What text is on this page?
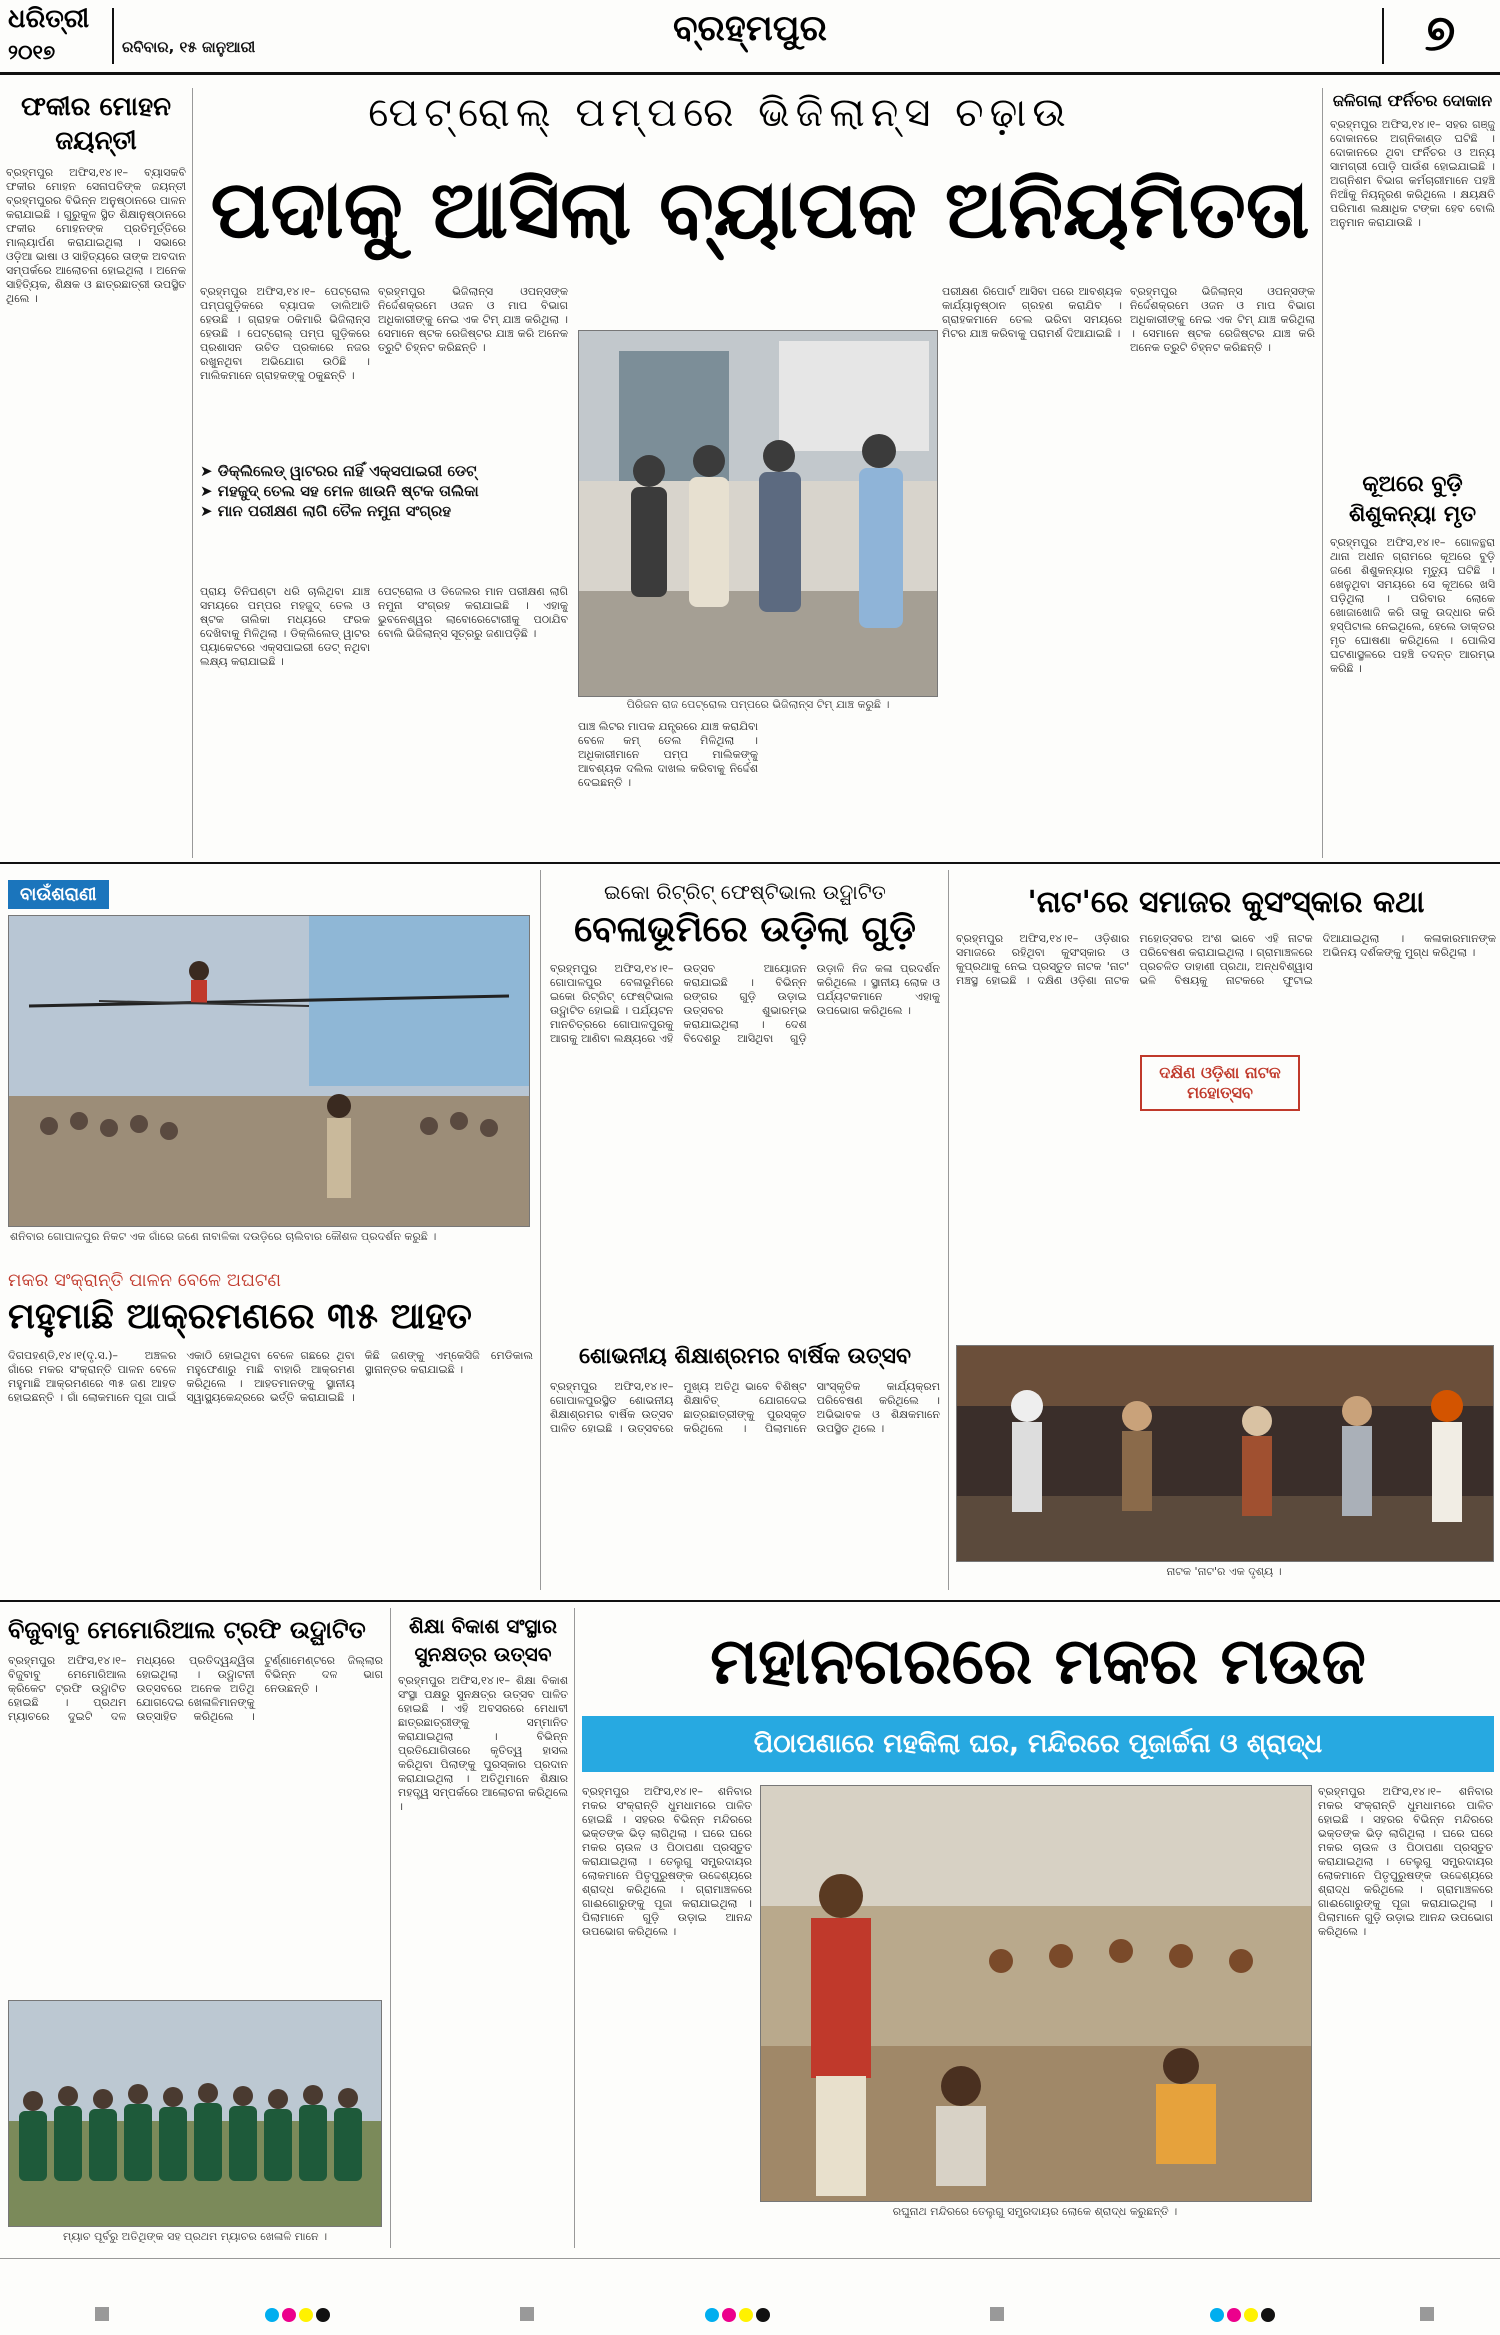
ଧରିତ୍ରୀ
୨୦୧୭	ରବିବାର, ୧୫ ଜାନୁଆରୀ	ବ୍ରହ୍ମପୁର	୭
ଫକୀର ମୋହନ ଜୟନ୍ତୀ
ବ୍ରହ୍ମପୁର ଅଫିସ,୧୪।୧– ବ୍ୟାସକବି ଫକୀର ମୋହନ ସେନାପତିଙ୍କ ଜୟନ୍ତୀ ବ୍ରହ୍ମପୁରର ବିଭିନ୍ନ ଅନୁଷ୍ଠାନରେ ପାଳନ କରାଯାଇଛି । ଗୁରୁକୁଳ ସ୍ଥିତ ଶିକ୍ଷାନୁଷ୍ଠାନରେ ଫକୀର ମୋହନଙ୍କ ପ୍ରତିମୂର୍ତ୍ତିରେ ମାଲ୍ୟାର୍ପଣ କରାଯାଇଥିଲା । ସଭାରେ ଓଡ଼ିଆ ଭାଷା ଓ ସାହିତ୍ୟରେ ତାଙ୍କ ଅବଦାନ ସମ୍ପର୍କରେ ଆଲୋଚନା ହୋଇଥିଲା । ଅନେକ ସାହିତ୍ୟିକ, ଶିକ୍ଷକ ଓ ଛାତ୍ରଛାତ୍ରୀ ଉପସ୍ଥିତ ଥିଲେ ।
ପେଟ୍ରୋଲ୍ ପମ୍ପରେ ଭିଜିଲାନ୍ସ ଚଢ଼ାଉ
ପଦାକୁ ଆସିଲା ବ୍ୟାପକ ଅନିୟମିତତା
ବ୍ରହ୍ମପୁର ଅଫିସ,୧୪।୧– ପେଟ୍ରୋଲ ପମ୍ପଗୁଡ଼ିକରେ ବ୍ୟାପକ ଡାଲିଆଡି ହେଉଛି । ଗ୍ରାହକ ଠକିମାରି ଭିଜିଲାନ୍ସ ହେଉଛି । ପେଟ୍ରୋଲ୍ ପମ୍ପ ଗୁଡ଼ିକରେ ପ୍ରଶାସନ ଉଚିତ ପ୍ରକାରେ ନଜର ରଖୁନଥିବା ଅଭିଯୋଗ ଉଠିଛି । ମାଲିକମାନେ ଗ୍ରାହକଙ୍କୁ ଠକୁଛନ୍ତି ।
ବ୍ରହ୍ମପୁର ଭିଜିଲାନ୍ସ ଓପନ୍ସଙ୍କ ନିର୍ଦ୍ଦେଶକ୍ରମେ ଓଜନ ଓ ମାପ ବିଭାଗ ଅଧିକାରୀଙ୍କୁ ନେଇ ଏକ ଟିମ୍ ଯାଞ୍ଚ କରିଥିଲା । ସେମାନେ ଷ୍ଟକ ରେଜିଷ୍ଟର ଯାଞ୍ଚ କରି ଅନେକ ତ୍ରୁଟି ଚିହ୍ନଟ କରିଛନ୍ତି ।
➤ ଡିକ୍ଲିଲେଡ୍ ୱାଟରର ନାହିଁ ଏକ୍ସପାଇରୀ ଡେଟ୍
➤ ମହଜୁଦ୍ ତେଲ ସହ ମେଳ ଖାଉନି ଷ୍ଟକ ତାଲିକା
➤ ମାନ ପରୀକ୍ଷଣ ଲାଗି ତୈଳ ନମୁନା ସଂଗ୍ରହ
ପ୍ରାୟ ତିନିଘଣ୍ଟା ଧରି ଚାଲିଥିବା ଯାଞ୍ଚ ସମୟରେ ପମ୍ପର ମହଜୁଦ୍ ତେଲ ଓ ଷ୍ଟକ ତାଲିକା ମଧ୍ୟରେ ଫରକ ଦେଖିବାକୁ ମିଳିଥିଲା । ଡିକ୍ଲିଲେଡ୍ ୱାଟର ପ୍ୟାକେଟରେ ଏକ୍ସପାଇରୀ ଡେଟ୍ ନଥିବା ଲକ୍ଷ୍ୟ କରାଯାଇଛି ।
ପେଟ୍ରୋଲ ଓ ଡିଜେଲର ମାନ ପରୀକ୍ଷଣ ଲାଗି ନମୁନା ସଂଗ୍ରହ କରାଯାଇଛି । ଏହାକୁ ଭୁବନେଶ୍ୱର ଲାବୋରେଟୋରୀକୁ ପଠାଯିବ ବୋଲି ଭିଜିଲାନ୍ସ ସୂତ୍ରରୁ ଜଣାପଡ଼ିଛି ।
ପିରିଜନ ରାଜ ପେଟ୍ରୋଲ ପମ୍ପରେ ଭିଜିଲାନ୍ସ ଟିମ୍ ଯାଞ୍ଚ କରୁଛି ।
ପାଞ୍ଚ ଲିଟର ମାପକ ଯନ୍ତ୍ରରେ ଯାଞ୍ଚ କରାଯିବା ବେଳେ କମ୍ ତେଲ ମିଳିଥିଲା । ଅଧିକାରୀମାନେ ପମ୍ପ ମାଲିକଙ୍କୁ ଆବଶ୍ୟକ ଦଲିଲ ଦାଖଲ କରିବାକୁ ନିର୍ଦ୍ଦେଶ ଦେଇଛନ୍ତି ।
ପରୀକ୍ଷଣ ରିପୋର୍ଟ ଆସିବା ପରେ ଆବଶ୍ୟକ କାର୍ଯ୍ୟାନୁଷ୍ଠାନ ଗ୍ରହଣ କରାଯିବ । ଗ୍ରାହକମାନେ ତେଲ ଭରିବା ସମୟରେ ମିଟର ଯାଞ୍ଚ କରିବାକୁ ପରାମର୍ଶ ଦିଆଯାଇଛି ।
ବ୍ରହ୍ମପୁର ଭିଜିଲାନ୍ସ ଓପନ୍ସଙ୍କ ନିର୍ଦ୍ଦେଶକ୍ରମେ ଓଜନ ଓ ମାପ ବିଭାଗ ଅଧିକାରୀଙ୍କୁ ନେଇ ଏକ ଟିମ୍ ଯାଞ୍ଚ କରିଥିଲା । ସେମାନେ ଷ୍ଟକ ରେଜିଷ୍ଟର ଯାଞ୍ଚ କରି ଅନେକ ତ୍ରୁଟି ଚିହ୍ନଟ କରିଛନ୍ତି ।
ଜଳିଗଲା ଫର୍ନିଚର ଦୋକାନ
ବ୍ରହ୍ମପୁର ଅଫିସ,୧୪।୧– ସହର ଗଞ୍ଜୁ ଦୋକାନରେ ଅଗ୍ନିକାଣ୍ଡ ଘଟିଛି । ଦୋକାନରେ ଥିବା ଫର୍ନିଚର ଓ ଅନ୍ୟ ସାମଗ୍ରୀ ପୋଡ଼ି ପାଉଁଶ ହୋଇଯାଇଛି । ଅଗ୍ନିଶମ ବିଭାଗ କର୍ମଚାରୀମାନେ ପହଞ୍ଚି ନିଆଁକୁ ନିୟନ୍ତ୍ରଣ କରିଥିଲେ । କ୍ଷୟକ୍ଷତି ପରିମାଣ ଲକ୍ଷାଧିକ ଟଙ୍କା ହେବ ବୋଲି ଅନୁମାନ କରାଯାଉଛି ।
କୂଅରେ ବୁଡ଼ି ଶିଶୁକନ୍ୟା ମୃତ
ବ୍ରହ୍ମପୁର ଅଫିସ,୧୪।୧– ଗୋଳନ୍ଥରା ଥାନା ଅଧୀନ ଗ୍ରାମରେ କୂଅରେ ବୁଡ଼ି ଜଣେ ଶିଶୁକନ୍ୟାର ମୃତ୍ୟୁ ଘଟିଛି । ଖେଳୁଥିବା ସମୟରେ ସେ କୂଅରେ ଖସି ପଡ଼ିଥିଲା । ପରିବାର ଲୋକେ ଖୋଜାଖୋଜି କରି ତାକୁ ଉଦ୍ଧାର କରି ହସ୍ପିଟାଲ ନେଇଥିଲେ, ହେଲେ ଡାକ୍ତର ମୃତ ଘୋଷଣା କରିଥିଲେ । ପୋଲିସ ଘଟଣାସ୍ଥଳରେ ପହଞ୍ଚି ତଦନ୍ତ ଆରମ୍ଭ କରିଛି ।
ବାଉଁଶରାଣୀ
ଶନିବାର ଗୋପାଳପୁର ନିକଟ ଏକ ଗାଁରେ ଜଣେ ନାବାଳିକା ଦଉଡ଼ିରେ ଚାଲିବାର କୌଶଳ ପ୍ରଦର୍ଶନ କରୁଛି ।
ଇକୋ ରିଟ୍ରିଟ୍ ଫେଷ୍ଟିଭାଲ ଉଦ୍ଘାଟିତ
ବେଳାଭୂମିରେ ଉଡ଼ିଲା ଗୁଡ଼ି
ବ୍ରହ୍ମପୁର ଅଫିସ,୧୪।୧– ଗୋପାଳପୁର ବେଳାଭୂମିରେ ଇକୋ ରିଟ୍ରିଟ୍ ଫେଷ୍ଟିଭାଲ ଉଦ୍ଘାଟିତ ହୋଇଛି । ପର୍ଯ୍ୟଟନ ମାନଚିତ୍ରରେ ଗୋପାଳପୁରକୁ ଆଗକୁ ଆଣିବା ଲକ୍ଷ୍ୟରେ ଏହି ଉତ୍ସବ ଆୟୋଜନ କରାଯାଇଛି । ବିଭିନ୍ନ ରଙ୍ଗର ଗୁଡ଼ି ଉଡ଼ାଇ ଉତ୍ସବର ଶୁଭାରମ୍ଭ କରାଯାଇଥିଲା । ଦେଶ ବିଦେଶରୁ ଆସିଥିବା ଗୁଡ଼ି ଉଡ଼ାଳି ନିଜ କଳା ପ୍ରଦର୍ଶନ କରିଥିଲେ । ସ୍ଥାନୀୟ ଲୋକ ଓ ପର୍ଯ୍ୟଟକମାନେ ଏହାକୁ ଉପଭୋଗ କରିଥିଲେ ।
'ନାଟ'ରେ ସମାଜର କୁସଂସ୍କାର କଥା
ବ୍ରହ୍ମପୁର ଅଫିସ,୧୪।୧– ଓଡ଼ିଶାର ସମାଜରେ ରହିଥିବା କୁସଂସ୍କାର ଓ କୁପ୍ରଥାକୁ ନେଇ ପ୍ରସ୍ତୁତ ନାଟକ 'ନାଟ' ମଞ୍ଚସ୍ଥ ହୋଇଛି । ଦକ୍ଷିଣ ଓଡ଼ିଶା ନାଟକ ମହୋତ୍ସବର ଅଂଶ ଭାବେ ଏହି ନାଟକ ପରିବେଷଣ କରାଯାଇଥିଲା । ଗ୍ରାମାଞ୍ଚଳରେ ପ୍ରଚଳିତ ଡାହାଣୀ ପ୍ରଥା, ଅନ୍ଧବିଶ୍ୱାସ ଭଳି ବିଷୟକୁ ନାଟକରେ ଫୁଟାଇ ଦିଆଯାଇଥିଲା । କଳାକାରମାନଙ୍କ ଅଭିନୟ ଦର୍ଶକଙ୍କୁ ମୁଗ୍ଧ କରିଥିଲା ।
ଦକ୍ଷିଣ ଓଡ଼ିଶା ନାଟକ ମହୋତ୍ସବ
ମକର ସଂକ୍ରାନ୍ତି ପାଳନ ବେଳେ ଅଘଟଣ
ମହୁମାଛି ଆକ୍ରମଣରେ ୩୫ ଆହତ
ଦିଗପହଣ୍ଡି,୧୪।୧(ଦୃ.ସ.)– ଅଞ୍ଚଳର ଗାଁରେ ମକର ସଂକ୍ରାନ୍ତି ପାଳନ ବେଳେ ମହୁମାଛି ଆକ୍ରମଣରେ ୩୫ ଜଣ ଆହତ ହୋଇଛନ୍ତି । ଗାଁ ଲୋକମାନେ ପୂଜା ପାଇଁ ଏକାଠି ହୋଇଥିବା ବେଳେ ଗଛରେ ଥିବା ମହୁଫେଣାରୁ ମାଛି ବାହାରି ଆକ୍ରମଣ କରିଥିଲେ । ଆହତମାନଙ୍କୁ ସ୍ଥାନୀୟ ସ୍ୱାସ୍ଥ୍ୟକେନ୍ଦ୍ରରେ ଭର୍ତ୍ତି କରାଯାଇଛି । କିଛି ଜଣଙ୍କୁ ଏମ୍‌କେସିଜି ମେଡିକାଲ ସ୍ଥାନାନ୍ତର କରାଯାଇଛି ।
ଶୋଭନୀୟ ଶିକ୍ଷାଶ୍ରମର ବାର୍ଷିକ ଉତ୍ସବ
ବ୍ରହ୍ମପୁର ଅଫିସ,୧୪।୧– ଗୋପାଳପୁରସ୍ଥିତ ଶୋଭନୀୟ ଶିକ୍ଷାଶ୍ରମର ବାର୍ଷିକ ଉତ୍ସବ ପାଳିତ ହୋଇଛି । ଉତ୍ସବରେ ମୁଖ୍ୟ ଅତିଥି ଭାବେ ବିଶିଷ୍ଟ ଶିକ୍ଷାବିତ୍ ଯୋଗଦେଇ ଛାତ୍ରଛାତ୍ରୀଙ୍କୁ ପୁରସ୍କୃତ କରିଥିଲେ । ପିଲାମାନେ ସାଂସ୍କୃତିକ କାର୍ଯ୍ୟକ୍ରମ ପରିବେଷଣ କରିଥିଲେ । ଅଭିଭାବକ ଓ ଶିକ୍ଷକମାନେ ଉପସ୍ଥିତ ଥିଲେ ।
ନାଟକ 'ନାଟ'ର ଏକ ଦୃଶ୍ୟ ।
ବିଜୁବାବୁ ମେମୋରିଆଲ ଟ୍ରଫି ଉଦ୍ଘାଟିତ
ବ୍ରହ୍ମପୁର ଅଫିସ,୧୪।୧– ବିଜୁବାବୁ ମେମୋରିଆଲ କ୍ରିକେଟ ଟ୍ରଫି ଉଦ୍ଘାଟିତ ହୋଇଛି । ପ୍ରଥମ ମ୍ୟାଚରେ ଦୁଇଟି ଦଳ ମଧ୍ୟରେ ପ୍ରତିଦ୍ୱନ୍ଦ୍ୱିତା ହୋଇଥିଲା । ଉଦ୍ଘାଟନୀ ଉତ୍ସବରେ ଅନେକ ଅତିଥି ଯୋଗଦେଇ ଖେଳାଳିମାନଙ୍କୁ ଉତ୍ସାହିତ କରିଥିଲେ । ଟୁର୍ଣ୍ଣାମେଣ୍ଟରେ ଜିଲ୍ଲାର ବିଭିନ୍ନ ଦଳ ଭାଗ ନେଉଛନ୍ତି ।
ମ୍ୟାଚ ପୂର୍ବରୁ ଅତିଥିଙ୍କ ସହ ପ୍ରଥମ ମ୍ୟାଚର ଖେଳାଳି ମାନେ ।
ଶିକ୍ଷା ବିକାଶ ସଂସ୍ଥାର ସୁନକ୍ଷତ୍ର ଉତ୍ସବ
ବ୍ରହ୍ମପୁର ଅଫିସ,୧୪।୧– ଶିକ୍ଷା ବିକାଶ ସଂସ୍ଥା ପକ୍ଷରୁ ସୁନକ୍ଷତ୍ର ଉତ୍ସବ ପାଳିତ ହୋଇଛି । ଏହି ଅବସରରେ ମେଧାବୀ ଛାତ୍ରଛାତ୍ରୀଙ୍କୁ ସମ୍ମାନିତ କରାଯାଇଥିଲା । ବିଭିନ୍ନ ପ୍ରତିଯୋଗିତାରେ କୃତିତ୍ୱ ହାସଲ କରିଥିବା ପିଲାଙ୍କୁ ପୁରସ୍କାର ପ୍ରଦାନ କରାଯାଇଥିଲା । ଅତିଥିମାନେ ଶିକ୍ଷାର ମହତ୍ତ୍ୱ ସମ୍ପର୍କରେ ଆଲୋଚନା କରିଥିଲେ ।
ମହାନଗରରେ ମକର ମଉଜ
ପିଠାପଣାରେ ମହକିଲା ଘର, ମନ୍ଦିରରେ ପୂଜାର୍ଚ୍ଚନା ଓ ଶ୍ରାଦ୍ଧ
ବ୍ରହ୍ମପୁର ଅଫିସ,୧୪।୧– ଶନିବାର ମକର ସଂକ୍ରାନ୍ତି ଧୁମଧାମରେ ପାଳିତ ହୋଇଛି । ସହରର ବିଭିନ୍ନ ମନ୍ଦିରରେ ଭକ୍ତଙ୍କ ଭିଡ଼ ଲାଗିଥିଲା । ଘରେ ଘରେ ମକର ଚାଉଳ ଓ ପିଠାପଣା ପ୍ରସ୍ତୁତ କରାଯାଇଥିଲା । ତେଲୁଗୁ ସମ୍ପ୍ରଦାୟର ଲୋକମାନେ ପିତୃପୁରୁଷଙ୍କ ଉଦ୍ଦେଶ୍ୟରେ ଶ୍ରାଦ୍ଧ କରିଥିଲେ । ଗ୍ରାମାଞ୍ଚଳରେ ଗାଈଗୋରୁଙ୍କୁ ପୂଜା କରାଯାଇଥିଲା । ପିଲାମାନେ ଗୁଡ଼ି ଉଡ଼ାଇ ଆନନ୍ଦ ଉପଭୋଗ କରିଥିଲେ ।
ରଘୁନାଥ ମନ୍ଦିରରେ ତେଲୁଗୁ ସମ୍ପ୍ରଦାୟର ଲୋକେ ଶ୍ରାଦ୍ଧ କରୁଛନ୍ତି ।
ବ୍ରହ୍ମପୁର ଅଫିସ,୧୪।୧– ଶନିବାର ମକର ସଂକ୍ରାନ୍ତି ଧୁମଧାମରେ ପାଳିତ ହୋଇଛି । ସହରର ବିଭିନ୍ନ ମନ୍ଦିରରେ ଭକ୍ତଙ୍କ ଭିଡ଼ ଲାଗିଥିଲା । ଘରେ ଘରେ ମକର ଚାଉଳ ଓ ପିଠାପଣା ପ୍ରସ୍ତୁତ କରାଯାଇଥିଲା । ତେଲୁଗୁ ସମ୍ପ୍ରଦାୟର ଲୋକମାନେ ପିତୃପୁରୁଷଙ୍କ ଉଦ୍ଦେଶ୍ୟରେ ଶ୍ରାଦ୍ଧ କରିଥିଲେ । ଗ୍ରାମାଞ୍ଚଳରେ ଗାଈଗୋରୁଙ୍କୁ ପୂଜା କରାଯାଇଥିଲା । ପିଲାମାନେ ଗୁଡ଼ି ଉଡ଼ାଇ ଆନନ୍ଦ ଉପଭୋଗ କରିଥିଲେ ।
